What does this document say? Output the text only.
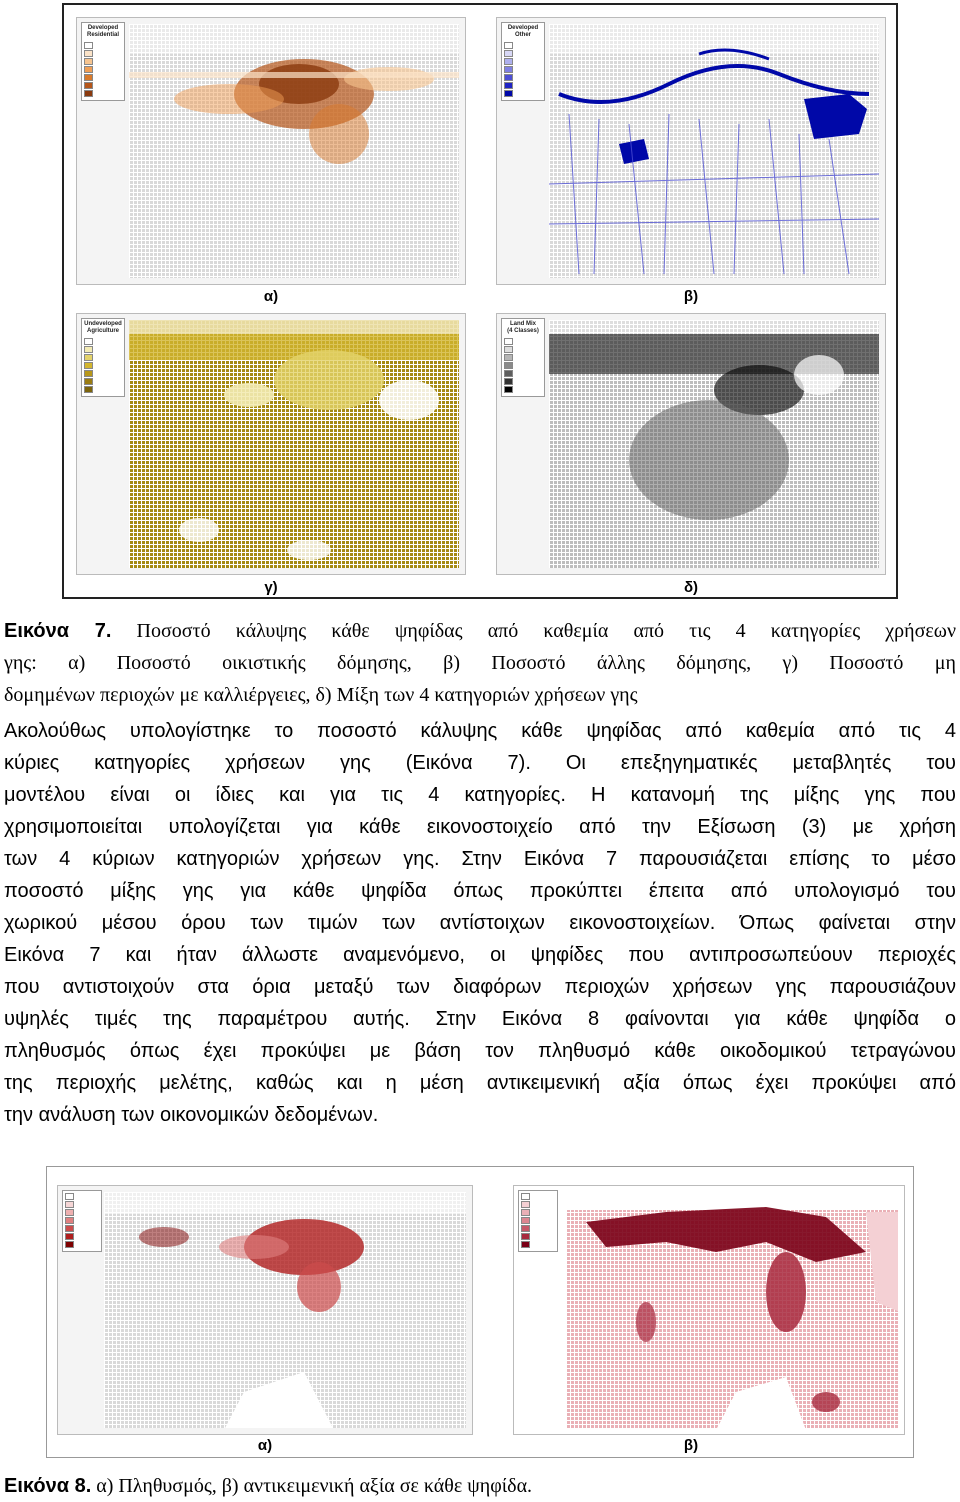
Developed
Residential
Developed
Other
α)	β)
Undeveloped
Agriculture
Land Mix
(4 Classes)
γ)	δ)
Εικόνα 7. Ποσοστό κάλυψης κάθε ψηφίδας από καθεμία από τις 4 κατηγορίες χρήσεων
γης: α) Ποσοστό οικιστικής δόμησης, β) Ποσοστό άλλης δόμησης, γ) Ποσοστό μη
δομημένων περιοχών με καλλιέργειες, δ) Μίξη των 4 κατηγοριών χρήσεων γης
Ακολούθως υπολογίστηκε το ποσοστό κάλυψης κάθε ψηφίδας από καθεμία από τις 4
κύριες κατηγορίες χρήσεων γης (Εικόνα 7). Οι επεξηγηματικές μεταβλητές του
μοντέλου είναι οι ίδιες και για τις 4 κατηγορίες. Η κατανομή της μίξης γης που
χρησιμοποιείται υπολογίζεται για κάθε εικονοστοιχείο από την Εξίσωση (3) με χρήση
των 4 κύριων κατηγοριών χρήσεων γης. Στην Εικόνα 7 παρουσιάζεται επίσης το μέσο
ποσοστό μίξης γης για κάθε ψηφίδα όπως προκύπτει έπειτα από υπολογισμό του
χωρικού μέσου όρου των τιμών των αντίστοιχων εικονοστοιχείων. Όπως φαίνεται στην
Εικόνα 7 και ήταν άλλωστε αναμενόμενο, οι ψηφίδες που αντιπροσωπεύουν περιοχές
που αντιστοιχούν στα όρια μεταξύ των διαφόρων περιοχών χρήσεων γης παρουσιάζουν
υψηλές τιμές της παραμέτρου αυτής. Στην Εικόνα 8 φαίνονται για κάθε ψηφίδα ο
πληθυσμός όπως έχει προκύψει με βάση τον πληθυσμό κάθε οικοδομικού τετραγώνου
της περιοχής μελέτης, καθώς και η μέση αντικειμενική αξία όπως έχει προκύψει από
την ανάλυση των οικονομικών δεδομένων.
α)	β)
Εικόνα 8. α) Πληθυσμός, β) αντικειμενική αξία σε κάθε ψηφίδα.
